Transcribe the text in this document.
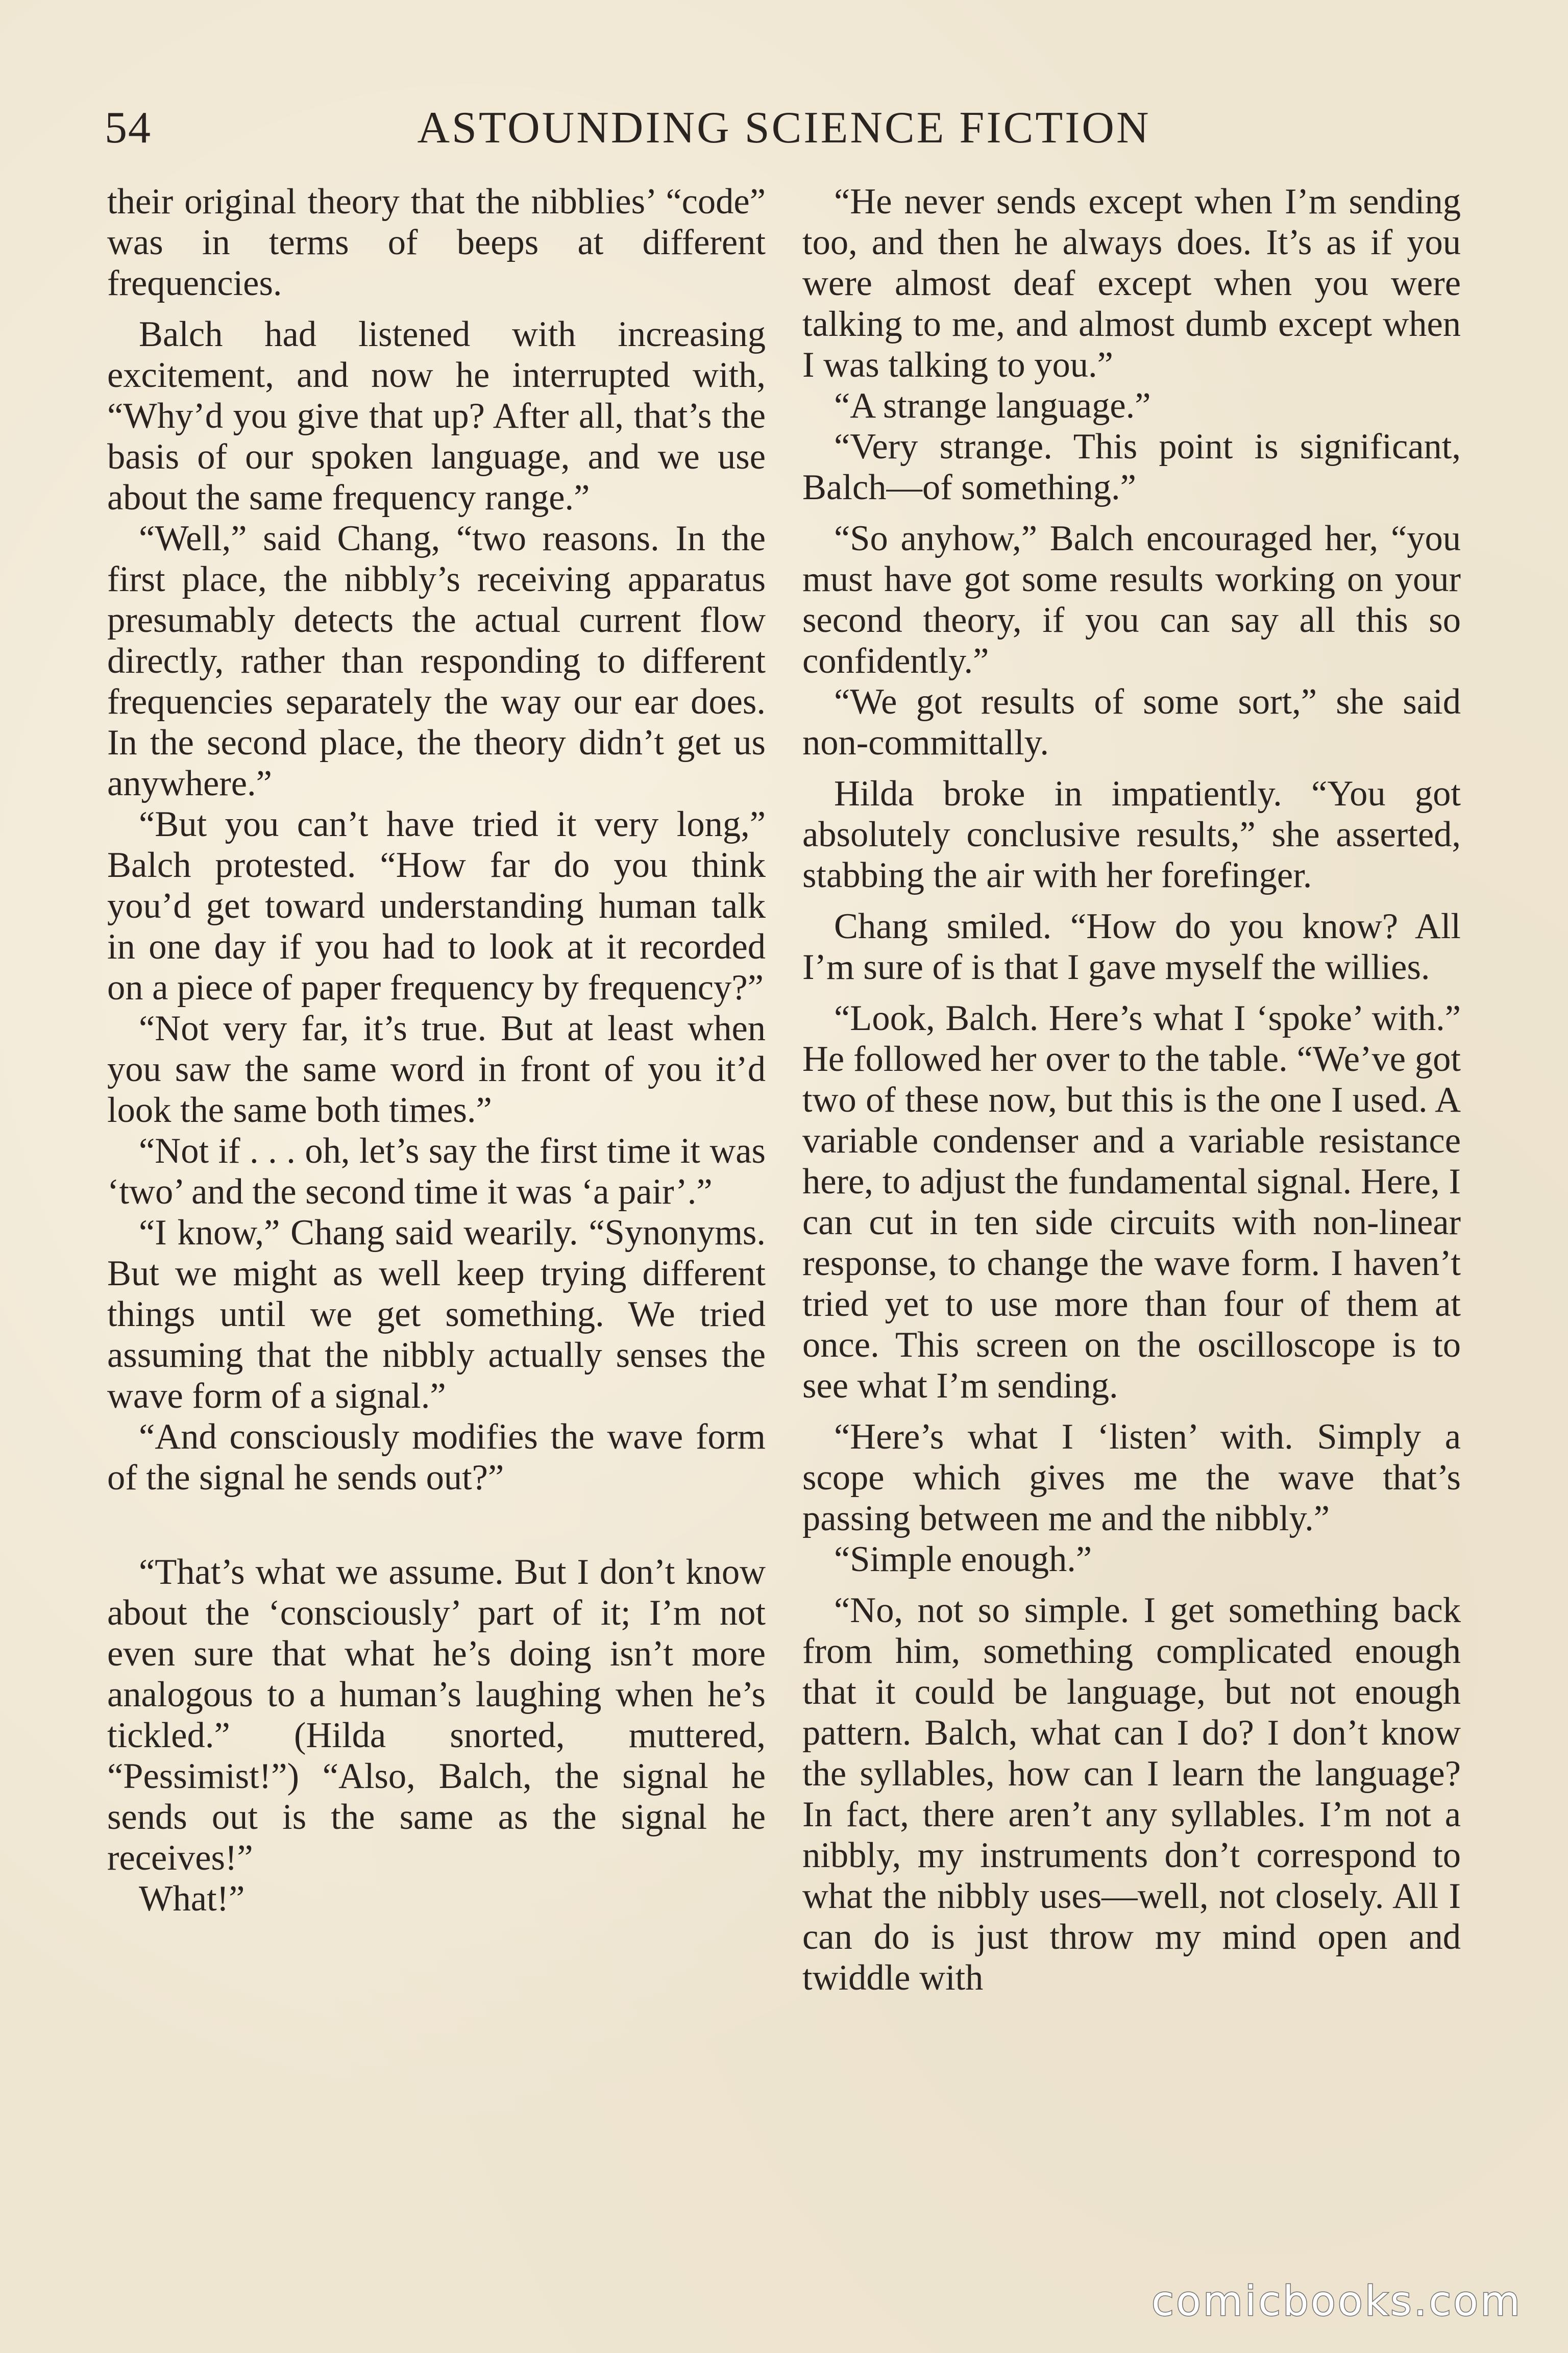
54	ASTOUNDING SCIENCE FICTION

their original theory that the nibblies’ “code” was in terms of beeps at different frequencies.

Balch had listened with increasing excitement, and now he interrupted with, “Why’d you give that up? After all, that’s the basis of our spoken language, and we use about the same frequency range.”

“Well,” said Chang, “two reasons. In the first place, the nibbly’s receiving apparatus presumably detects the actual current flow directly, rather than responding to different frequencies separately the way our ear does. In the second place, the theory didn’t get us anywhere.”

“But you can’t have tried it very long,” Balch protested. “How far do you think you’d get toward understanding human talk in one day if you had to look at it recorded on a piece of paper frequency by frequency?”

“Not very far, it’s true. But at least when you saw the same word in front of you it’d look the same both times.”

“Not if . . . oh, let’s say the first time it was ‘two’ and the second time it was ‘a pair’.”

“I know,” Chang said wearily. “Synonyms. But we might as well keep trying different things until we get something. We tried assuming that the nibbly actually senses the wave form of a signal.”

“And consciously modifies the wave form of the signal he sends out?”

“That’s what we assume. But I don’t know about the ‘consciously’ part of it; I’m not even sure that what he’s doing isn’t more analogous to a human’s laughing when he’s tickled.” (Hilda snorted, muttered, “Pessimist!”) “Also, Balch, the signal he sends out is the same as the signal he receives!”

What!”

“He never sends except when I’m sending too, and then he always does. It’s as if you were almost deaf except when you were talking to me, and almost dumb except when I was talking to you.”

“A strange language.”

“Very strange. This point is significant, Balch—of something.”

“So anyhow,” Balch encouraged her, “you must have got some results working on your second theory, if you can say all this so confidently.”

“We got results of some sort,” she said non-committally.

Hilda broke in impatiently. “You got absolutely conclusive results,” she asserted, stabbing the air with her forefinger.

Chang smiled. “How do you know? All I’m sure of is that I gave myself the willies.

“Look, Balch. Here’s what I ‘spoke’ with.” He followed her over to the table. “We’ve got two of these now, but this is the one I used. A variable condenser and a variable resistance here, to adjust the fundamental signal. Here, I can cut in ten side circuits with non-linear response, to change the wave form. I haven’t tried yet to use more than four of them at once. This screen on the oscilloscope is to see what I’m sending.

“Here’s what I ‘listen’ with. Simply a scope which gives me the wave that’s passing between me and the nibbly.”

“Simple enough.”

“No, not so simple. I get something back from him, something complicated enough that it could be language, but not enough pattern. Balch, what can I do? I don’t know the syllables, how can I learn the language? In fact, there aren’t any syllables. I’m not a nibbly, my instruments don’t correspond to what the nibbly uses—well, not closely. All I can do is just throw my mind open and twiddle with

comicbooks.com
